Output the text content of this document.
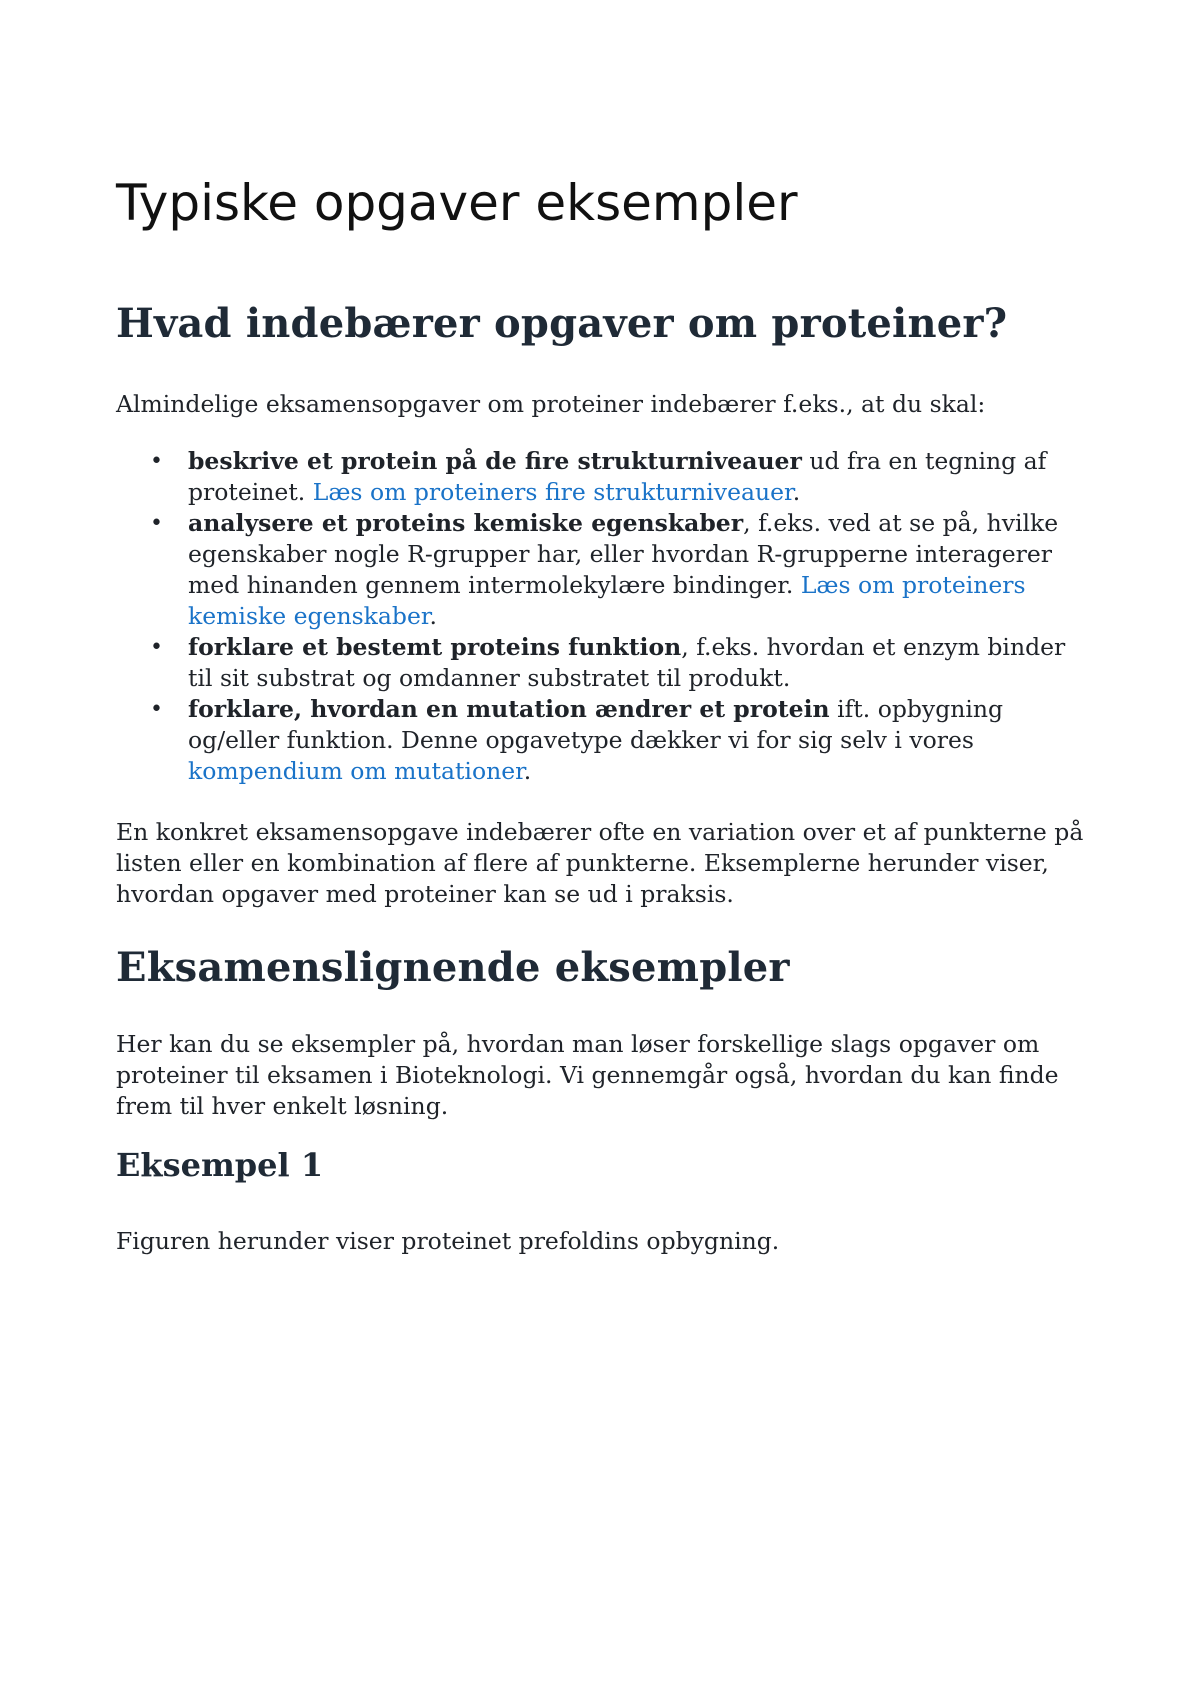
Typiske opgaver eksempler
Hvad indebærer opgaver om proteiner?

Almindelige eksamensopgaver om proteiner indebærer f.eks., at du skal:

• beskrive et protein på de fire strukturniveauer ud fra en tegning af proteinet. Læs om proteiners fire strukturniveauer.
• analysere et proteins kemiske egenskaber, f.eks. ved at se på, hvilke egenskaber nogle R-grupper har, eller hvordan R-grupperne interagerer med hinanden gennem intermolekylære bindinger. Læs om proteiners kemiske egenskaber.
• forklare et bestemt proteins funktion, f.eks. hvordan et enzym binder til sit substrat og omdanner substratet til produkt.
• forklare, hvordan en mutation ændrer et protein ift. opbygning og/eller funktion. Denne opgavetype dækker vi for sig selv i vores kompendium om mutationer.

En konkret eksamensopgave indebærer ofte en variation over et af punkterne på listen eller en kombination af flere af punkterne. Eksemplerne herunder viser, hvordan opgaver med proteiner kan se ud i praksis.

Eksamenslignende eksempler

Her kan du se eksempler på, hvordan man løser forskellige slags opgaver om proteiner til eksamen i Bioteknologi. Vi gennemgår også, hvordan du kan finde frem til hver enkelt løsning.

Eksempel 1

Figuren herunder viser proteinet prefoldins opbygning.
